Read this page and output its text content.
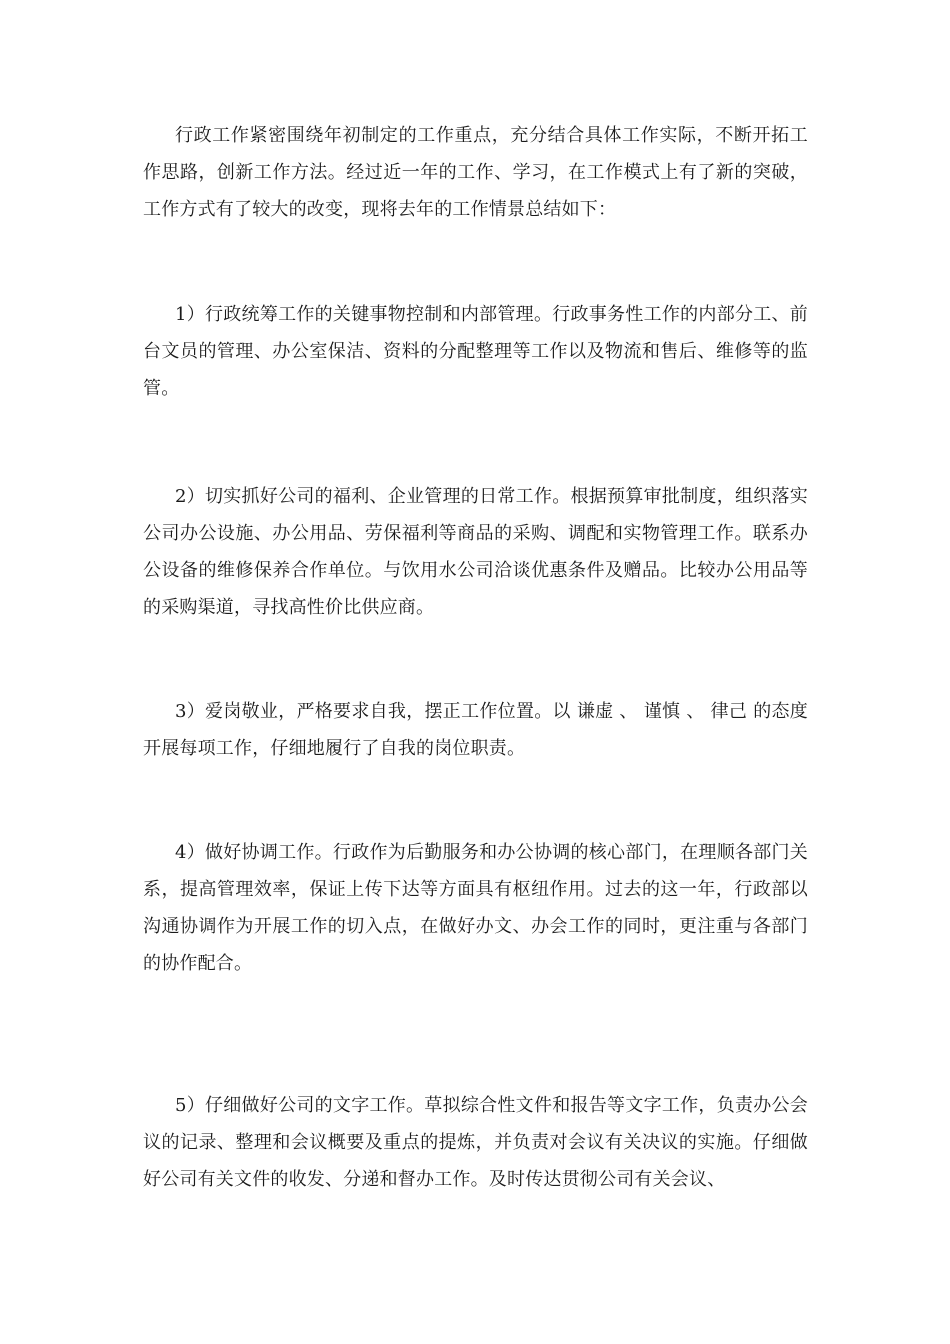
行政工作紧密围绕年初制定的工作重点，充分结合具体工作实际，不断开拓工作思路，创新工作方法。经过近一年的工作、学习，在工作模式上有了新的突破，工作方式有了较大的改变，现将去年的工作情景总结如下：

1）行政统筹工作的关键事物控制和内部管理。行政事务性工作的内部分工、前台文员的管理、办公室保洁、资料的分配整理等工作以及物流和售后、维修等的监管。

2）切实抓好公司的福利、企业管理的日常工作。根据预算审批制度，组织落实公司办公设施、办公用品、劳保福利等商品的采购、调配和实物管理工作。联系办公设备的维修保养合作单位。与饮用水公司洽谈优惠条件及赠品。比较办公用品等的采购渠道，寻找高性价比供应商。

3）爱岗敬业，严格要求自我，摆正工作位置。以 谦虚 、 谨慎 、 律己 的态度开展每项工作，仔细地履行了自我的岗位职责。

4）做好协调工作。行政作为后勤服务和办公协调的核心部门，在理顺各部门关系，提高管理效率，保证上传下达等方面具有枢纽作用。过去的这一年，行政部以沟通协调作为开展工作的切入点，在做好办文、办会工作的同时，更注重与各部门的协作配合。

5）仔细做好公司的文字工作。草拟综合性文件和报告等文字工作，负责办公会议的记录、整理和会议概要及重点的提炼，并负责对会议有关决议的实施。仔细做好公司有关文件的收发、分递和督办工作。及时传达贯彻公司有关会议、
